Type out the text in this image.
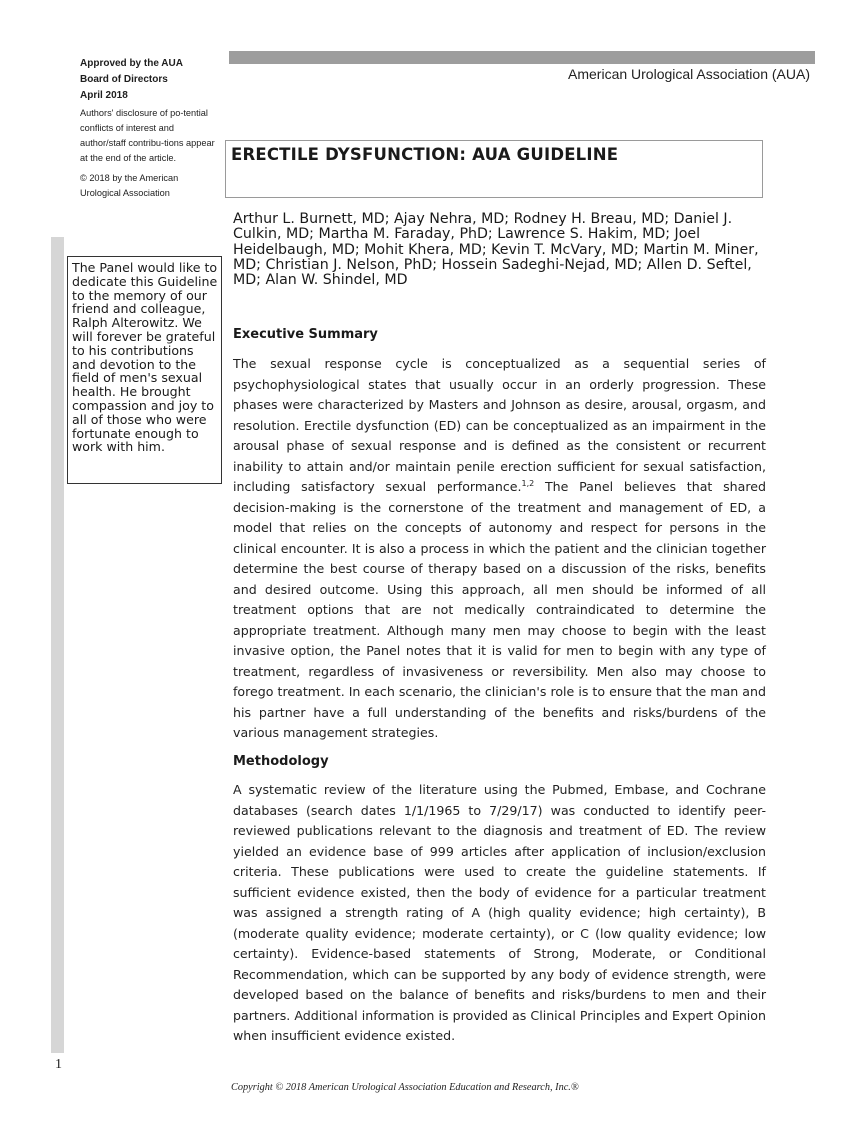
American Urological Association (AUA)
Approved by the AUA
Board of Directors
April 2018
Authors' disclosure of po-tential conflicts of interest and author/staff contribu-tions appear at the end of the article.
© 2018 by the American Urological Association
ERECTILE DYSFUNCTION: AUA GUIDELINE
Arthur L. Burnett, MD; Ajay Nehra, MD; Rodney H. Breau, MD; Daniel J. Culkin, MD; Martha M. Faraday, PhD; Lawrence S. Hakim, MD; Joel Heidelbaugh, MD; Mohit Khera, MD; Kevin T. McVary, MD; Martin M. Miner, MD; Christian J. Nelson, PhD; Hossein Sadeghi-Nejad, MD; Allen D. Seftel, MD; Alan W. Shindel, MD
The Panel would like to dedicate this Guideline to the memory of our friend and colleague, Ralph Alterowitz. We will forever be grateful to his contributions and devotion to the field of men's sexual health. He brought compassion and joy to all of those who were fortunate enough to work with him.
Executive Summary

The sexual response cycle is conceptualized as a sequential series of psychophysiological states that usually occur in an orderly progression. These phases were characterized by Masters and Johnson as desire, arousal, orgasm, and resolution. Erectile dysfunction (ED) can be conceptualized as an impairment in the arousal phase of sexual response and is defined as the consistent or recurrent inability to attain and/or maintain penile erection sufficient for sexual satisfaction, including satisfactory sexual performance.$^{1,2}$ The Panel believes that shared decision-making is the cornerstone of the treatment and management of ED, a model that relies on the concepts of autonomy and respect for persons in the clinical encounter. It is also a process in which the patient and the clinician together determine the best course of therapy based on a discussion of the risks, benefits and desired outcome. Using this approach, all men should be informed of all treatment options that are not medically contraindicated to determine the appropriate treatment. Although many men may choose to begin with the least invasive option, the Panel notes that it is valid for men to begin with any type of treatment, regardless of invasiveness or reversibility. Men also may choose to forego treatment. In each scenario, the clinician's role is to ensure that the man and his partner have a full understanding of the benefits and risks/burdens of the various management strategies.

Methodology

A systematic review of the literature using the Pubmed, Embase, and Cochrane databases (search dates 1/1/1965 to 7/29/17) was conducted to identify peer-reviewed publications relevant to the diagnosis and treatment of ED. The review yielded an evidence base of 999 articles after application of inclusion/exclusion criteria. These publications were used to create the guideline statements. If sufficient evidence existed, then the body of evidence for a particular treatment was assigned a strength rating of A (high quality evidence; high certainty), B (moderate quality evidence; moderate certainty), or C (low quality evidence; low certainty). Evidence-based statements of Strong, Moderate, or Conditional Recommendation, which can be supported by any body of evidence strength, were developed based on the balance of benefits and risks/burdens to men and their partners. Additional information is provided as Clinical Principles and Expert Opinion when insufficient evidence existed.

1
Copyright © 2018 American Urological Association Education and Research, Inc.®
